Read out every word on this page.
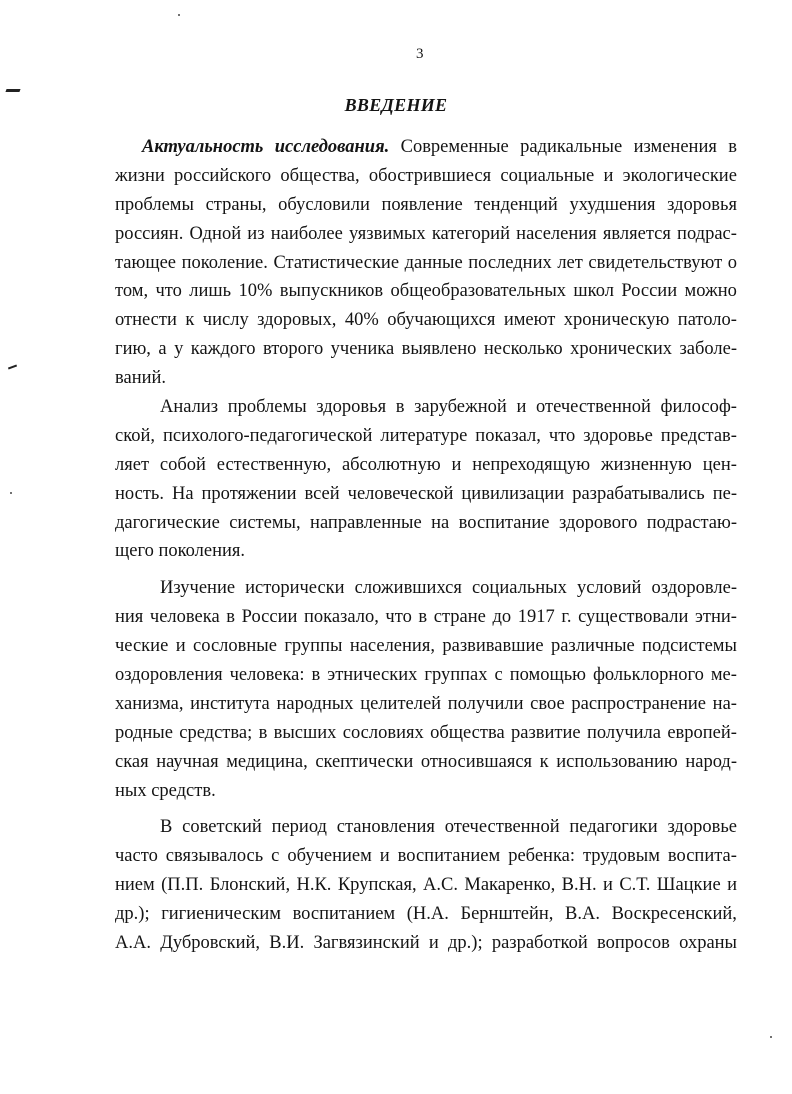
3
ВВЕДЕНИЕ
Актуальность исследования. Современные радикальные изменения в
жизни российского общества, обострившиеся социальные и экологические
проблемы страны, обусловили появление тенденций ухудшения здоровья
россиян. Одной из наиболее уязвимых категорий населения является подрас-
тающее поколение. Статистические данные последних лет свидетельствуют о
том, что лишь 10% выпускников общеобразовательных школ России можно
отнести к числу здоровых, 40% обучающихся имеют хроническую патоло-
гию, а у каждого второго ученика выявлено несколько хронических заболе-
ваний.
Анализ проблемы здоровья в зарубежной и отечественной философ-
ской, психолого-педагогической литературе показал, что здоровье представ-
ляет собой естественную, абсолютную и непреходящую жизненную цен-
ность. На протяжении всей человеческой цивилизации разрабатывались пе-
дагогические системы, направленные на воспитание здорового подрастаю-
щего поколения.
Изучение исторически сложившихся социальных условий оздоровле-
ния человека в России показало, что в стране до 1917 г. существовали этни-
ческие и сословные группы населения, развивавшие различные подсистемы
оздоровления человека: в этнических группах с помощью фольклорного ме-
ханизма, института народных целителей получили свое распространение на-
родные средства; в высших сословиях общества развитие получила европей-
ская научная медицина, скептически относившаяся к использованию народ-
ных средств.
В советский период становления отечественной педагогики здоровье
часто связывалось с обучением и воспитанием ребенка: трудовым воспита-
нием (П.П. Блонский, Н.К. Крупская, А.С. Макаренко, В.Н. и С.Т. Шацкие и
др.); гигиеническим воспитанием (Н.А. Бернштейн, В.А. Воскресенский,
А.А. Дубровский, В.И. Загвязинский и др.); разработкой вопросов охраны
